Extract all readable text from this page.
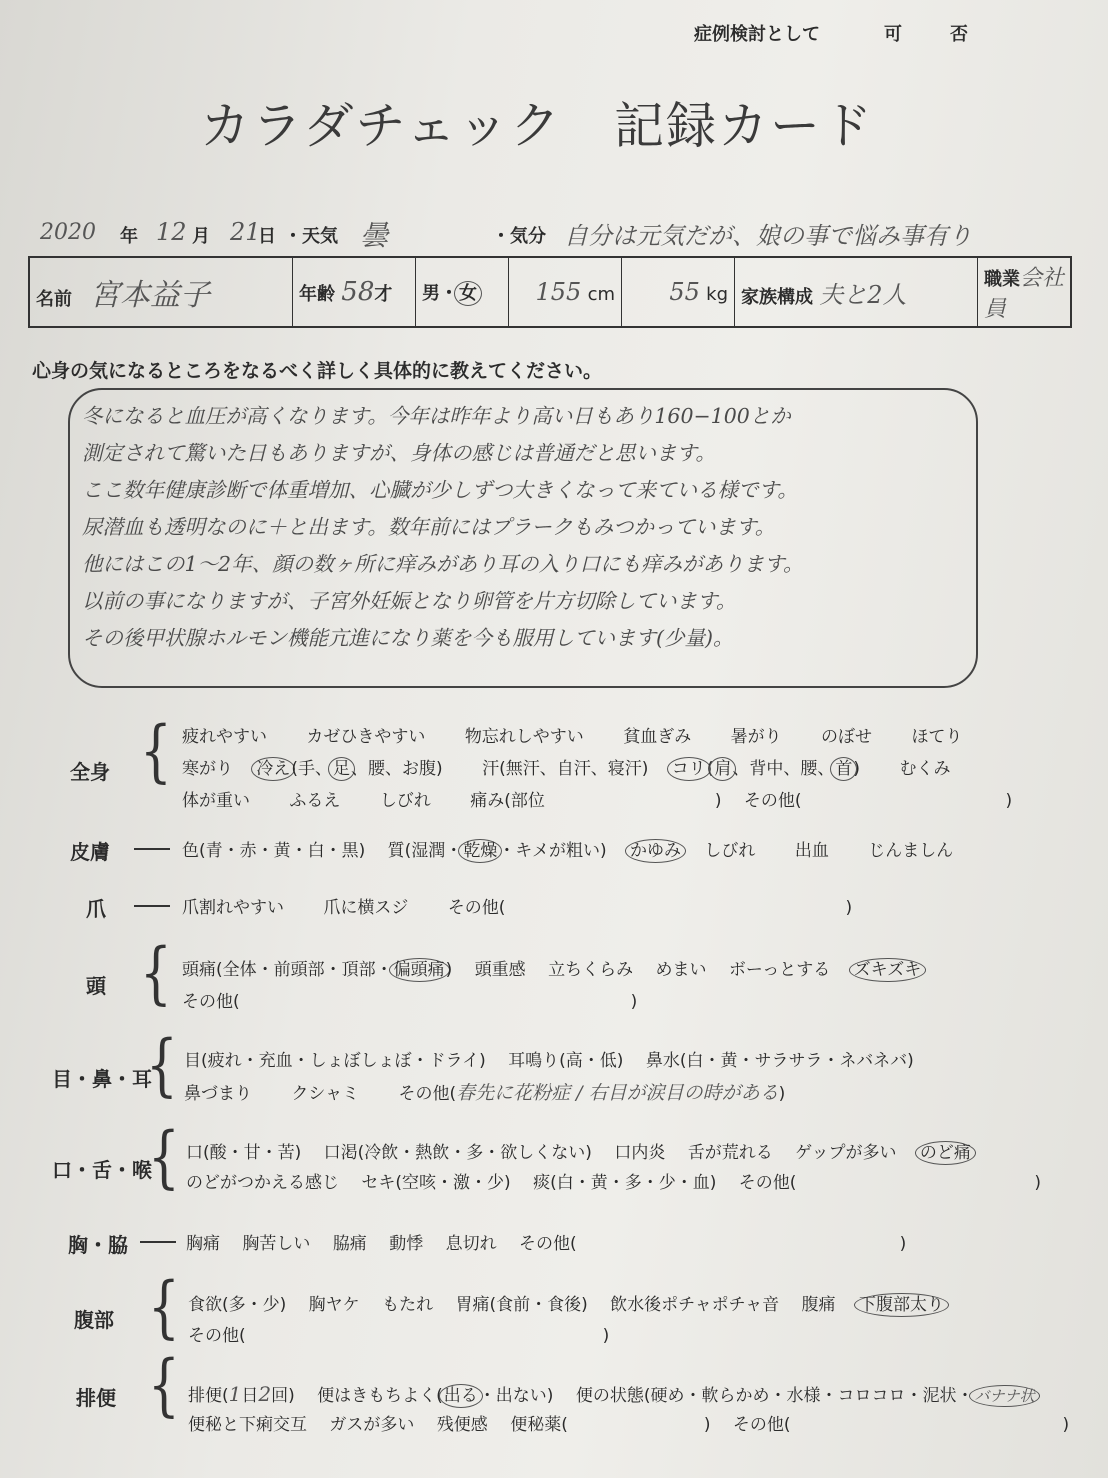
症例検討として	可	否
カラダチェック　記録カード
2020 年 12 月 21
日 ・天気 曇	・気分 自分は元気だが、娘の事で悩み事有り
名前　 宮本益子	年齢 58才	男・女	155 cm	55 kg	家族構成 夫と2人	職業会社員
心身の気になるところをなるべく詳しく具体的に教えてください。
冬になると血圧が高くなります。今年は昨年より高い日もあり160−100とか
測定されて驚いた日もありますが、身体の感じは普通だと思います。
ここ数年健康診断で体重増加、心臓が少しずつ大きくなって来ている様です。
尿潜血も透明なのに＋と出ます。数年前にはプラークもみつかっています。
他にはこの1〜2年、顔の数ヶ所に痒みがあり耳の入り口にも痒みがあります。
以前の事になりますが、子宮外妊娠となり卵管を片方切除しています。
その後甲状腺ホルモン機能亢進になり薬を今も服用しています(少量)。
全身 { 疲れやすい　　 カゼひきやすい　　 物忘れしやすい　　 貧血ぎみ　　 暑がり　　 のぼせ　　 ほてり
寒がり　 冷え(手、足、腰、お腹)　　 汗(無汗、自汗、寝汗)　 コリ(肩、背中、腰、首)　　 むくみ
体が重い　　 ふるえ　　 しびれ　　 痛み(部位　　　　　　　　　　)　 その他(　　　　　　　　　　　　)
皮膚	色(青・赤・黄・白・黒)　 質(湿潤・乾燥・キメが粗い)　 かゆみ　 しびれ　　 出血　　 じんましん
爪	爪割れやすい　　 爪に横スジ　　 その他(　　　　　　　　　　　　　　　　　　　　)
頭 { 頭痛(全体・前頭部・頂部・偏頭痛)　 頭重感　 立ちくらみ　 めまい　 ボーっとする　 ズキズキ
その他(　　　　　　　　　　　　　　　　　　　　　　　)
目・鼻・耳
{ 目(疲れ・充血・しょぼしょぼ・ドライ)　 耳鳴り(高・低)　 鼻水(白・黄・サラサラ・ネバネバ)
鼻づまり　　 クシャミ　　 その他(春先に花粉症 / 右目が涙目の時がある)
口・舌・喉
{ 口(酸・甘・苦)　 口渇(冷飲・熱飲・多・欲しくない)　 口内炎　 舌が荒れる　 ゲップが多い　 のど痛
のどがつかえる感じ　 セキ(空咳・激・少)　 痰(白・黄・多・少・血)　 その他(　　　　　　　　　　　　　　)
胸・脇	胸痛　 胸苦しい　 脇痛　 動悸　 息切れ　 その他(　　　　　　　　　　　　　　　　　　　)
腹部 { 食欲(多・少)　 胸ヤケ　 もたれ　 胃痛(食前・食後)　 飲水後ポチャポチャ音　 腹痛　 下腹部太り
その他(　　　　　　　　　　　　　　　　　　　　　)
排便 { 排便(1日2回)　 便はきもちよく(出る・出ない)　 便の状態(硬め・軟らかめ・水様・コロコロ・泥状・バナナ状
便秘と下痢交互　 ガスが多い　 残便感　 便秘薬(　　　　　　　　)　 その他(　　　　　　　　　　　　　　　　)
